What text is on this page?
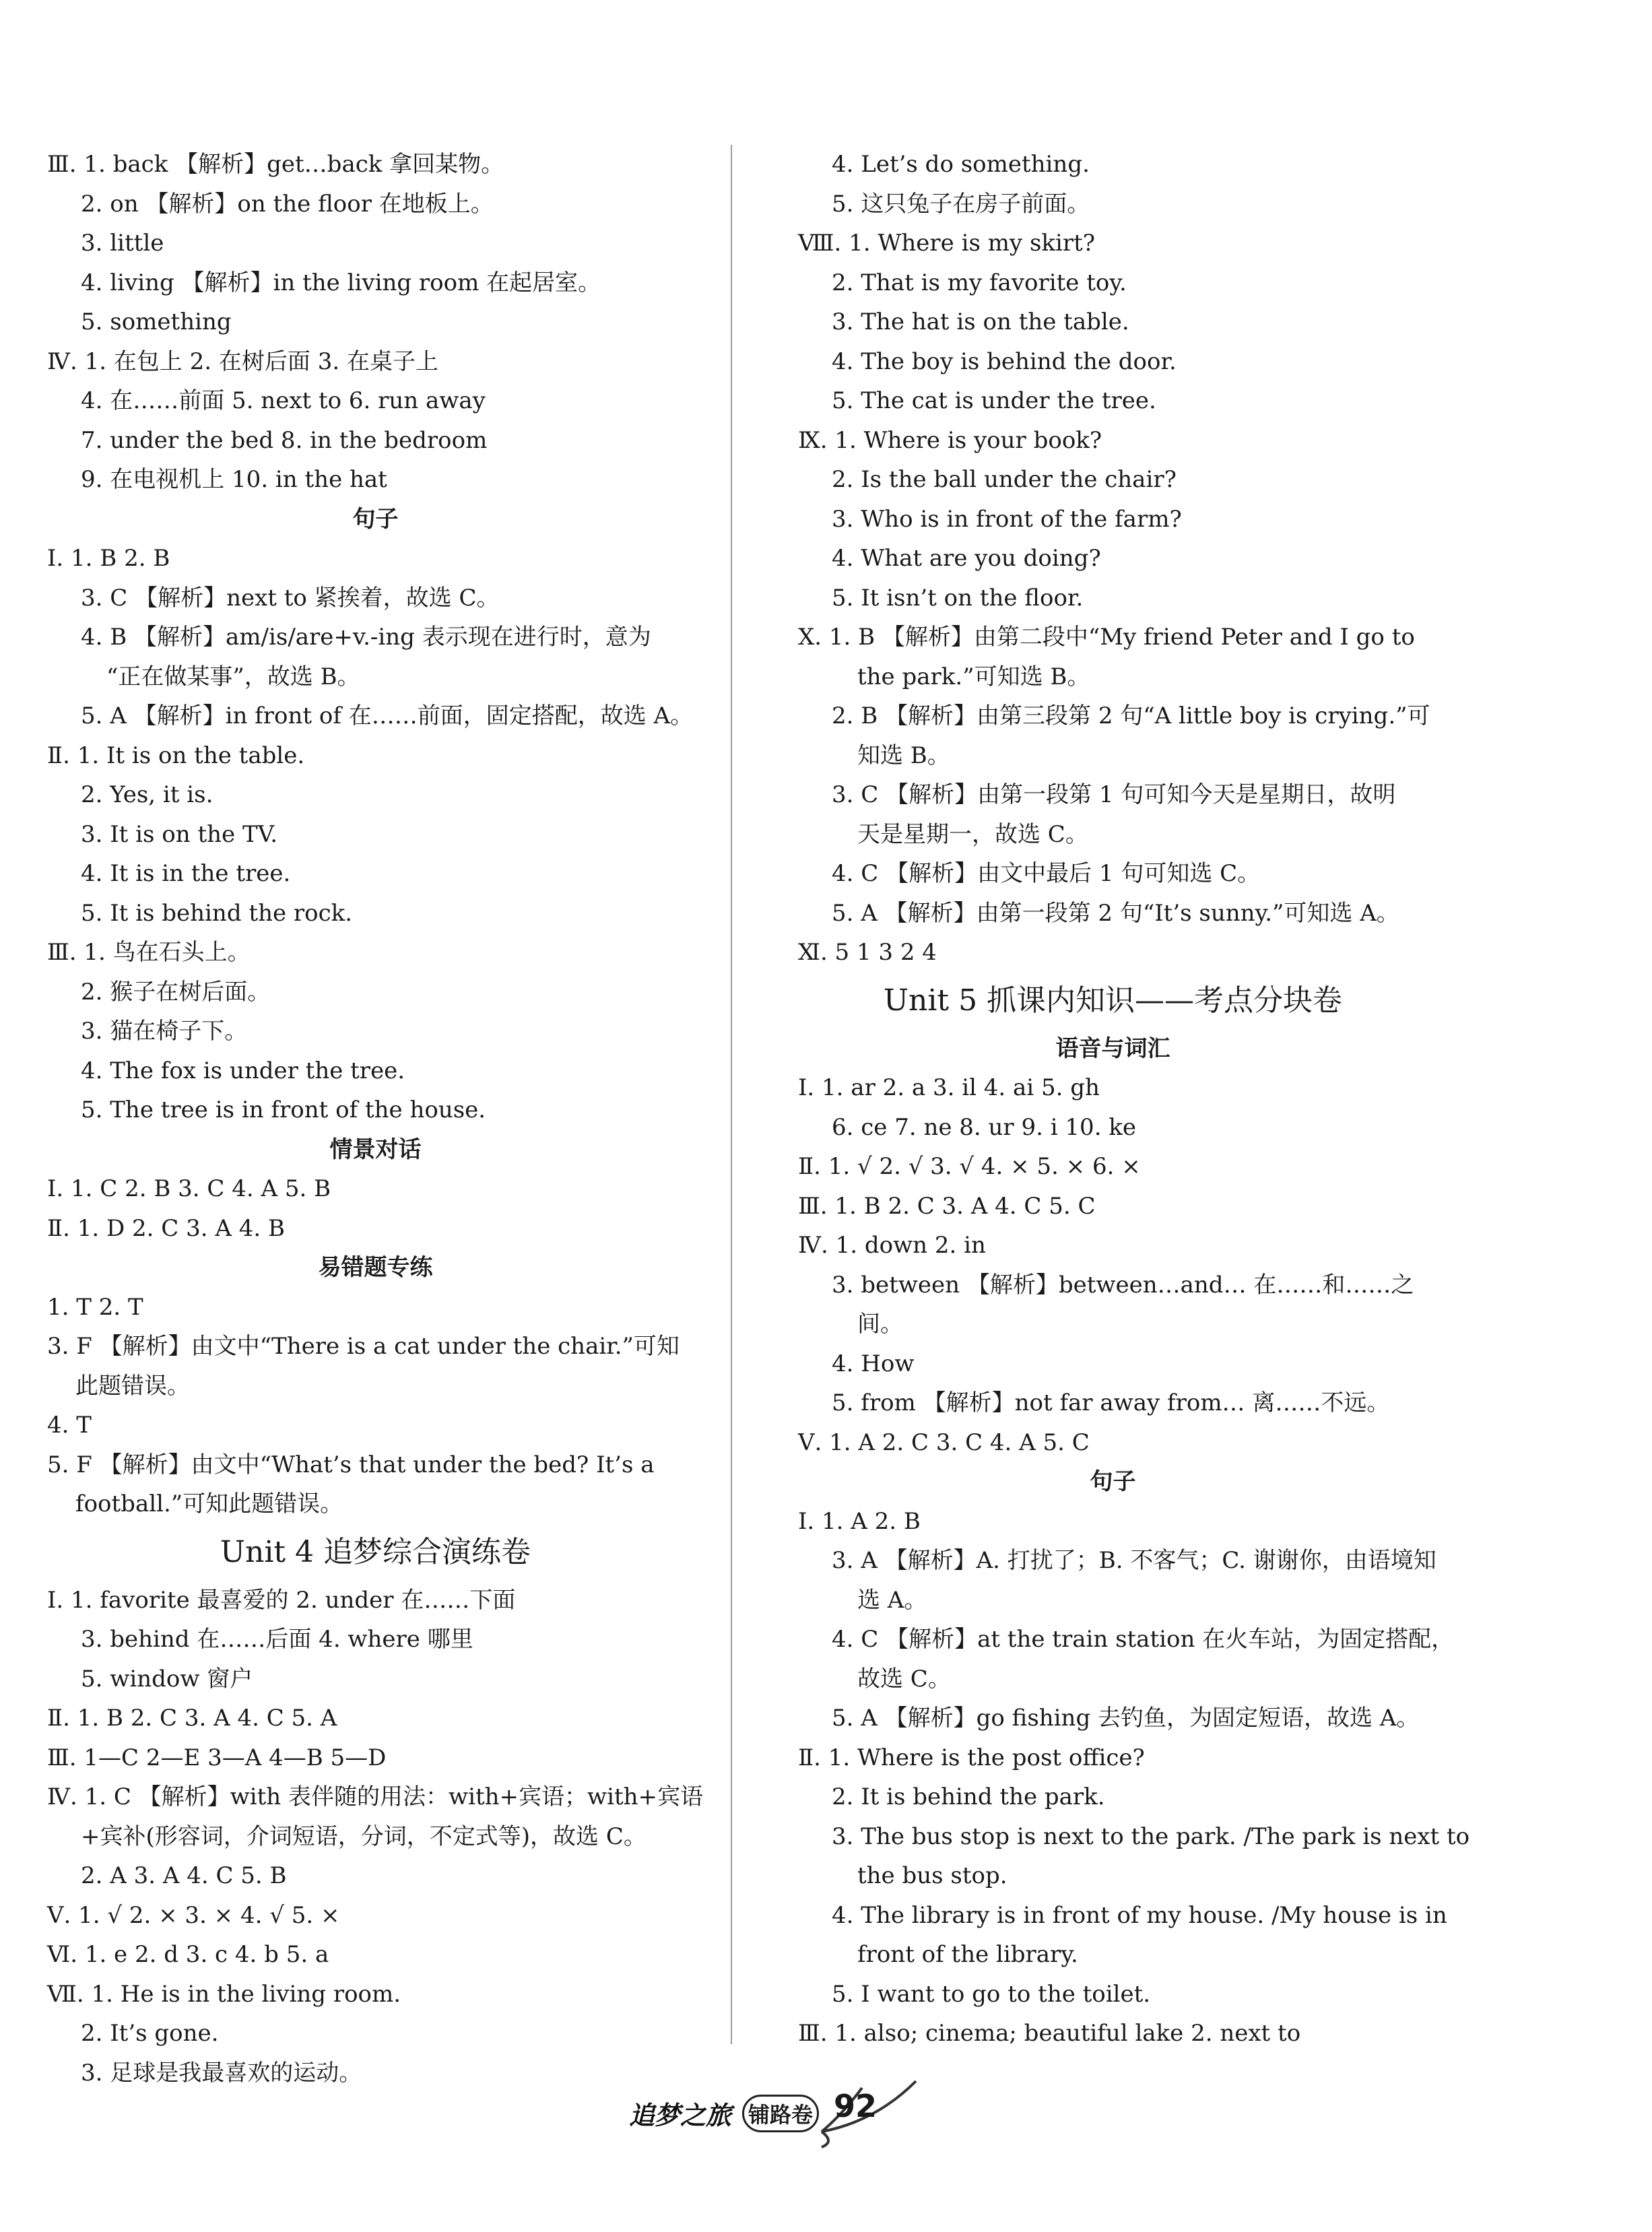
Ⅲ. 1. back 【解析】get…back 拿回某物。
2. on 【解析】on the floor 在地板上。
3. little
4. living 【解析】in the living room 在起居室。
5. something
Ⅳ. 1. 在包上 2. 在树后面 3. 在桌子上
4. 在……前面 5. next to 6. run away
7. under the bed 8. in the bedroom
9. 在电视机上 10. in the hat
句子
Ⅰ. 1. B 2. B
3. C 【解析】next to 紧挨着，故选 C。
4. B 【解析】am/is/are+v.-ing 表示现在进行时，意为
“正在做某事”，故选 B。
5. A 【解析】in front of 在……前面，固定搭配，故选 A。
Ⅱ. 1. It is on the table.
2. Yes, it is.
3. It is on the TV.
4. It is in the tree.
5. It is behind the rock.
Ⅲ. 1. 鸟在石头上。
2. 猴子在树后面。
3. 猫在椅子下。
4. The fox is under the tree.
5. The tree is in front of the house.
情景对话
Ⅰ. 1. C 2. B 3. C 4. A 5. B
Ⅱ. 1. D 2. C 3. A 4. B
易错题专练
1. T 2. T
3. F 【解析】由文中“There is a cat under the chair.”可知
此题错误。
4. T
5. F 【解析】由文中“What’s that under the bed? It’s a
football.”可知此题错误。
Unit 4 追梦综合演练卷
Ⅰ. 1. favorite 最喜爱的 2. under 在……下面
3. behind 在……后面 4. where 哪里
5. window 窗户
Ⅱ. 1. B 2. C 3. A 4. C 5. A
Ⅲ. 1—C 2—E 3—A 4—B 5—D
Ⅳ. 1. C 【解析】with 表伴随的用法：with+宾语；with+宾语
+宾补(形容词，介词短语，分词，不定式等)，故选 C。
2. A 3. A 4. C 5. B
Ⅴ. 1. √ 2. × 3. × 4. √ 5. ×
Ⅵ. 1. e 2. d 3. c 4. b 5. a
Ⅶ. 1. He is in the living room.
2. It’s gone.
3. 足球是我最喜欢的运动。
4. Let’s do something.
5. 这只兔子在房子前面。
Ⅷ. 1. Where is my skirt?
2. That is my favorite toy.
3. The hat is on the table.
4. The boy is behind the door.
5. The cat is under the tree.
Ⅸ. 1. Where is your book?
2. Is the ball under the chair?
3. Who is in front of the farm?
4. What are you doing?
5. It isn’t on the floor.
Ⅹ. 1. B 【解析】由第二段中“My friend Peter and I go to
the park.”可知选 B。
2. B 【解析】由第三段第 2 句“A little boy is crying.”可
知选 B。
3. C 【解析】由第一段第 1 句可知今天是星期日，故明
天是星期一，故选 C。
4. C 【解析】由文中最后 1 句可知选 C。
5. A 【解析】由第一段第 2 句“It’s sunny.”可知选 A。
Ⅺ. 5 1 3 2 4
Unit 5 抓课内知识——考点分块卷
语音与词汇
Ⅰ. 1. ar 2. a 3. il 4. ai 5. gh
6. ce 7. ne 8. ur 9. i 10. ke
Ⅱ. 1. √ 2. √ 3. √ 4. × 5. × 6. ×
Ⅲ. 1. B 2. C 3. A 4. C 5. C
Ⅳ. 1. down 2. in
3. between 【解析】between…and… 在……和……之
间。
4. How
5. from 【解析】not far away from… 离……不远。
Ⅴ. 1. A 2. C 3. C 4. A 5. C
句子
Ⅰ. 1. A 2. B
3. A 【解析】A. 打扰了；B. 不客气；C. 谢谢你，由语境知
选 A。
4. C 【解析】at the train station 在火车站，为固定搭配，
故选 C。
5. A 【解析】go fishing 去钓鱼，为固定短语，故选 A。
Ⅱ. 1. Where is the post office?
2. It is behind the park.
3. The bus stop is next to the park. /The park is next to
the bus stop.
4. The library is in front of my house. /My house is in
front of the library.
5. I want to go to the toilet.
Ⅲ. 1. also; cinema; beautiful lake 2. next to
追梦之旅 铺路卷 92
